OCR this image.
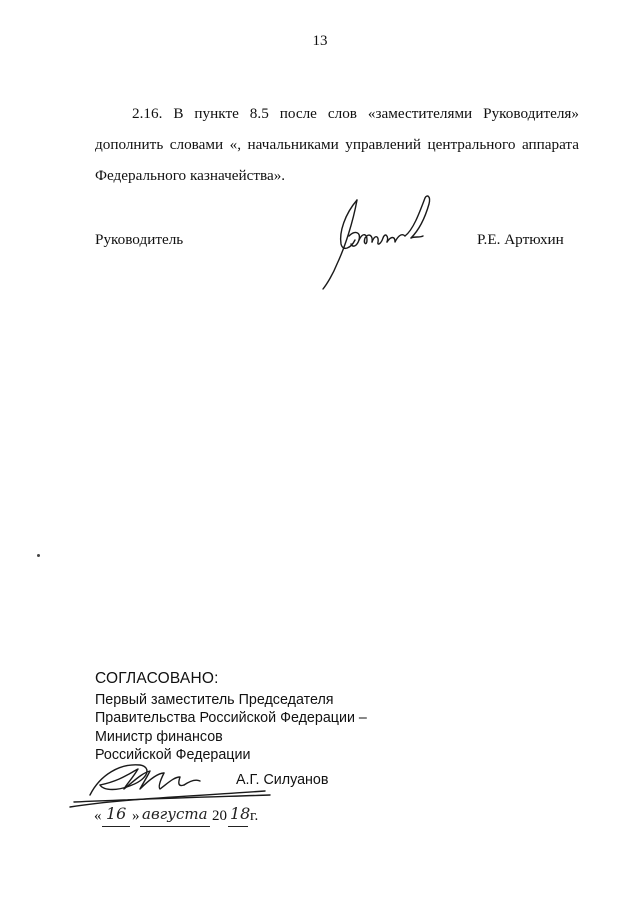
13

2.16. В пункте 8.5 после слов «заместителями Руководителя» дополнить словами «, начальниками управлений центрального аппарата Федерального казначейства».

Руководитель	Р.Е. Артюхин
СОГЛАСОВАНО:
Первый заместитель Председателя
Правительства Российской Федерации –
Министр финансов
Российской Федерации
А.Г. Силуанов
« 16 » августа 20 18 г.
